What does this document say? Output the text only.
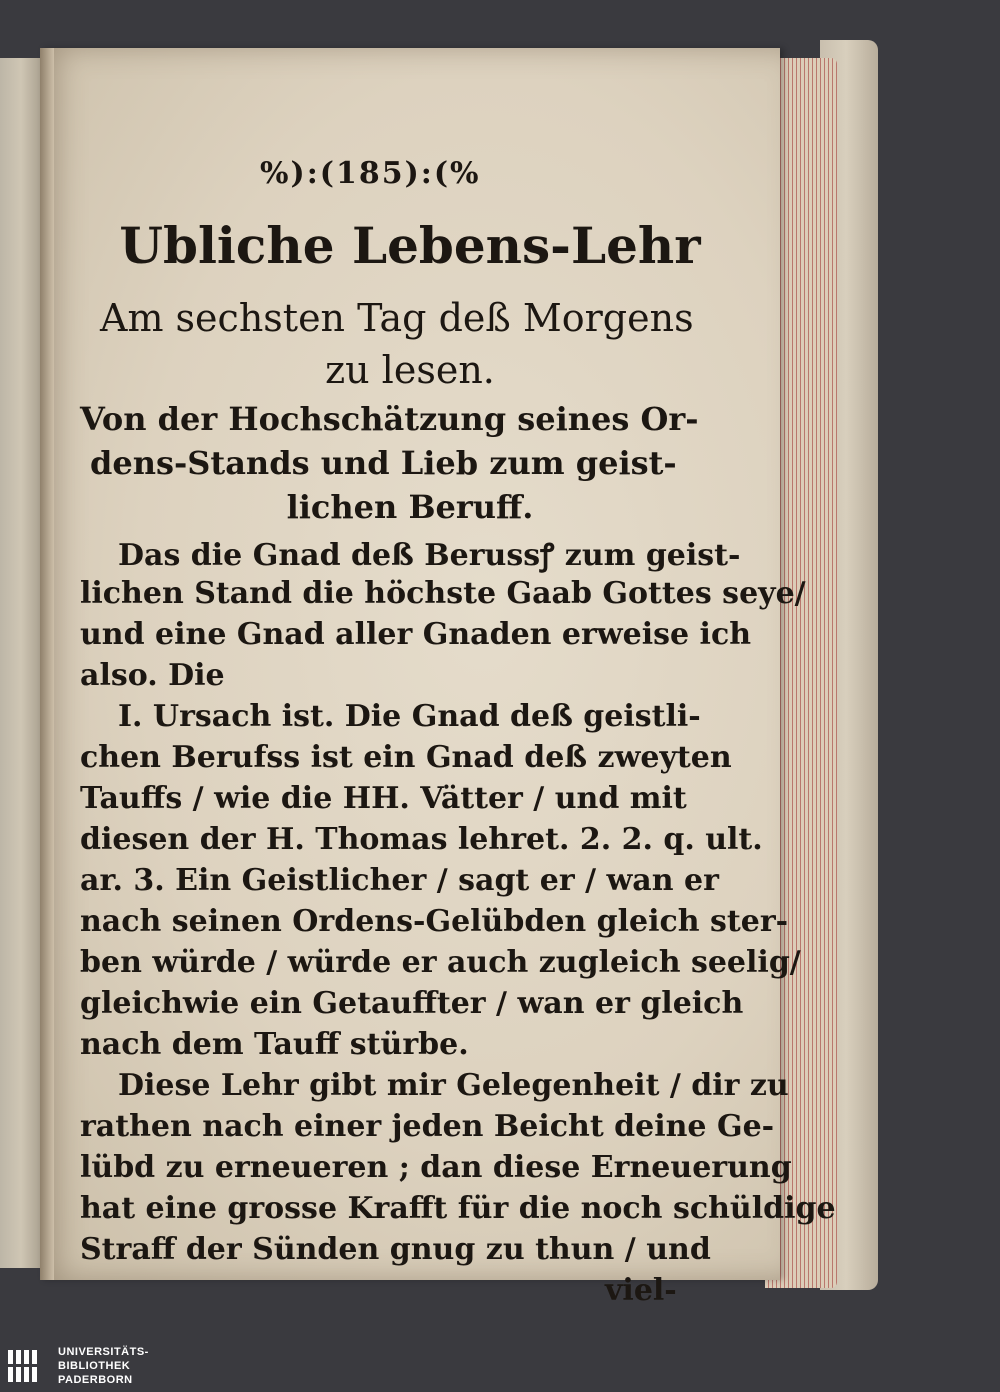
%):(185):(%
Ubliche Lebens-Lehr
Am sechsten Tag deß Morgens
zu lesen.
Von der Hochschätzung seines Or-
dens-Stands und Lieb zum geist-
lichen Beruff.
Das die Gnad deß Berussꝭ zum geist-
lichen Stand die höchste Gaab Gottes seye/
und eine Gnad aller Gnaden erweise ich
also. Die
I. Ursach ist. Die Gnad deß geistli-
chen Berufss ist ein Gnad deß zweyten
Tauffs / wie die HH. Vätter / und mit
diesen der H. Thomas lehret. 2. 2. q. ult.
ar. 3. Ein Geistlicher / sagt er / wan er
nach seinen Ordens-Gelübden gleich ster-
ben würde / würde er auch zugleich seelig/
gleichwie ein Getauffter / wan er gleich
nach dem Tauff stürbe.
Diese Lehr gibt mir Gelegenheit / dir zu
rathen nach einer jeden Beicht deine Ge-
lübd zu erneueren ; dan diese Erneuerung
hat eine grosse Krafft für die noch schüldige
Straff der Sünden gnug zu thun / und
viel-
UNIVERSITÄTS-
BIBLIOTHEK
PADERBORN
